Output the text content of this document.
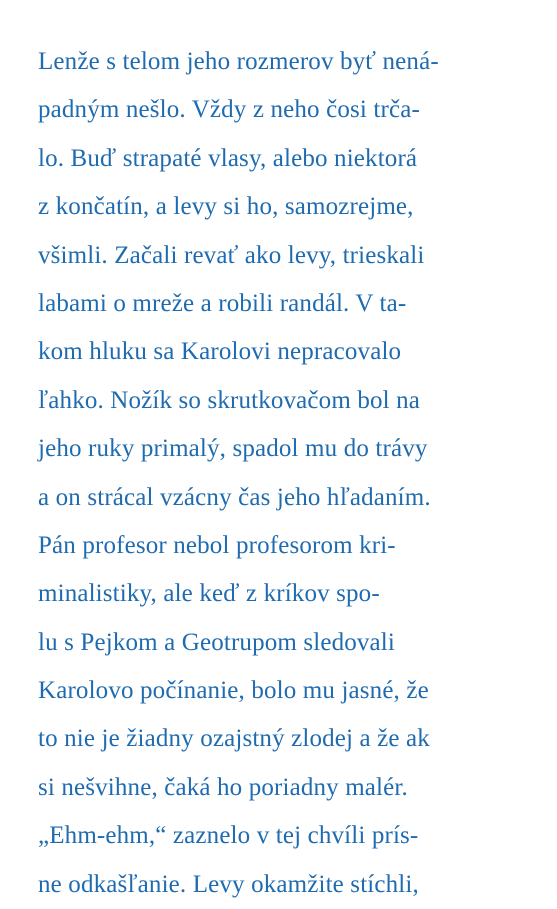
Lenže s telom jeho rozmerov byť nená-
padným nešlo. Vždy z neho čosi trča-
lo. Buď strapaté vlasy, alebo niektorá
z končatín, a levy si ho, samozrejme,
všimli. Začali revať ako levy, trieskali
labami o mreže a robili randál. V ta-
kom hluku sa Karolovi nepracovalo
ľahko. Nožík so skrutkovačom bol na
jeho ruky primalý, spadol mu do trávy
a on strácal vzácny čas jeho hľadaním.
Pán profesor nebol profesorom kri-
minalistiky, ale keď z kríkov spo-
lu s Pejkom a Geotrupom sledovali
Karolovo počínanie, bolo mu jasné, že
to nie je žiadny ozajstný zlodej a že ak
si nešvihne, čaká ho poriadny malér.
„Ehm-ehm,“ zaznelo v tej chvíli prís-
ne odkašľanie. Levy okamžite stíchli,
